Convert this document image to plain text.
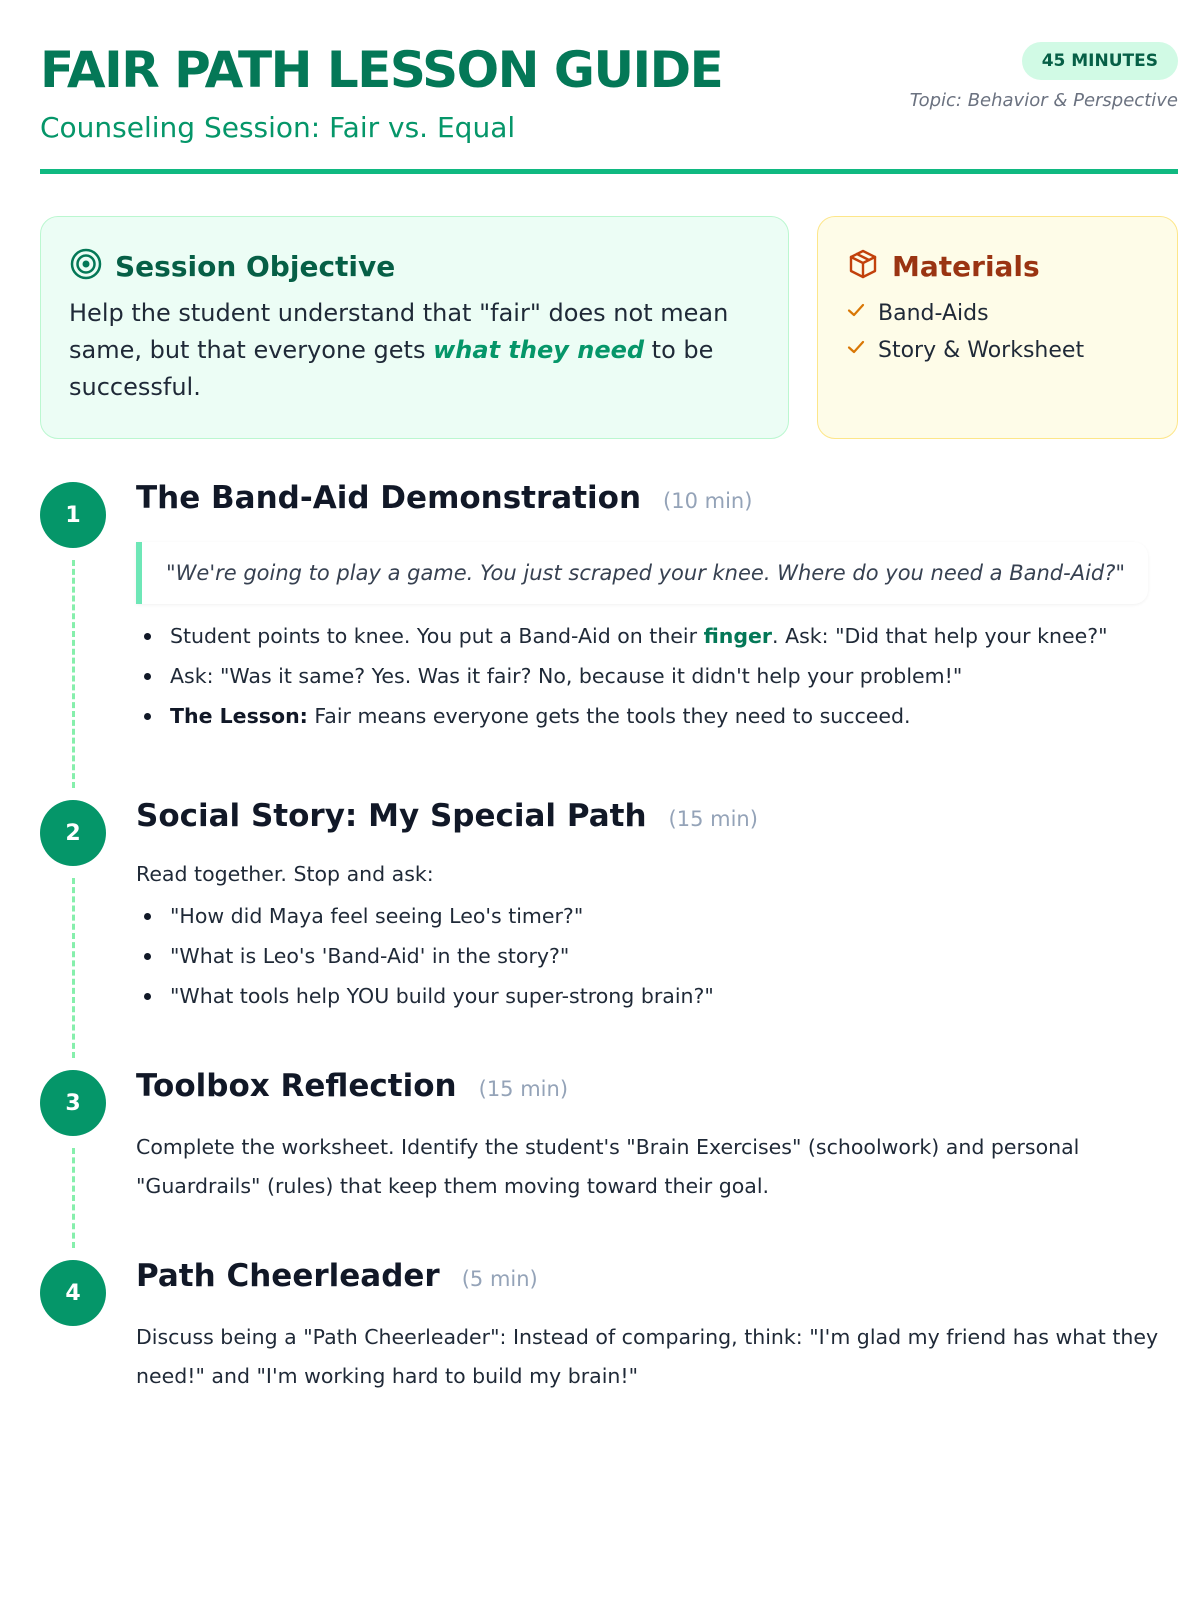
FAIR PATH LESSON GUIDE
Counseling Session: Fair vs. Equal
45 MINUTES
Topic: Behavior & Perspective
Session Objective

Help the student understand that "fair" does not mean same, but that everyone gets what they need to be successful.

Materials
Band-Aids
Story & Worksheet
1	The Band-Aid Demonstration (10 min)
"We're going to play a game. You just scraped your knee. Where do you need a Band-Aid?"
Student points to knee. You put a Band-Aid on their finger. Ask: "Did that help your knee?"
Ask: "Was it same? Yes. Was it fair? No, because it didn't help your problem!"
The Lesson: Fair means everyone gets the tools they need to succeed.
2	Social Story: My Special Path (15 min)

Read together. Stop and ask:

"How did Maya feel seeing Leo's timer?"
"What is Leo's 'Band-Aid' in the story?"
"What tools help YOU build your super-strong brain?"
3	Toolbox Reflection (15 min)

Complete the worksheet. Identify the student's "Brain Exercises" (schoolwork) and personal "Guardrails" (rules) that keep them moving toward their goal.

4	Path Cheerleader (5 min)

Discuss being a "Path Cheerleader": Instead of comparing, think: "I'm glad my friend has what they need!" and "I'm working hard to build my brain!"
